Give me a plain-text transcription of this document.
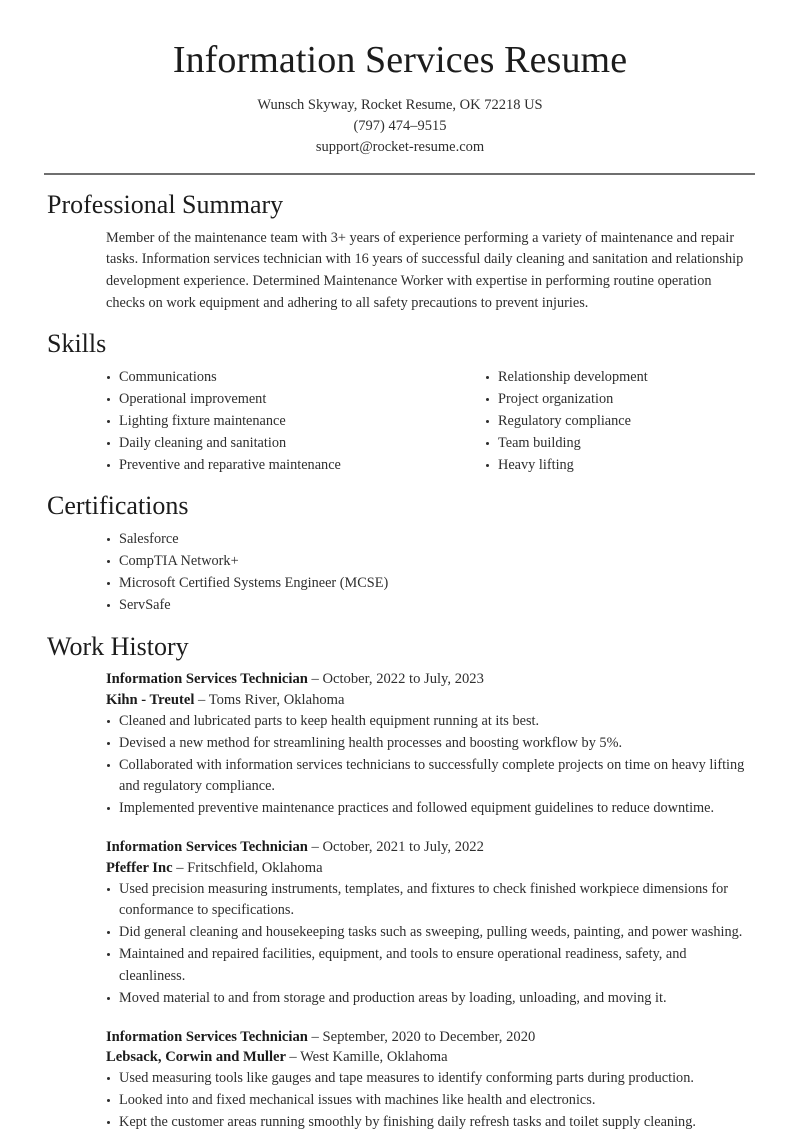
Information Services Resume
Wunsch Skyway, Rocket Resume, OK 72218 US
(797) 474–9515
support@rocket-resume.com
Professional Summary

Member of the maintenance team with 3+ years of experience performing a variety of maintenance and repair tasks. Information services technician with 16 years of successful daily cleaning and sanitation and relationship development experience. Determined Maintenance Worker with expertise in performing routine operation checks on work equipment and adhering to all safety precautions to prevent injuries.

Skills
Communications
Operational improvement
Lighting fixture maintenance
Daily cleaning and sanitation
Preventive and reparative maintenance
Relationship development
Project organization
Regulatory compliance
Team building
Heavy lifting
Certifications
Salesforce
CompTIA Network+
Microsoft Certified Systems Engineer (MCSE)
ServSafe
Work History
Information Services Technician – October, 2022 to July, 2023
Kihn - Treutel – Toms River, Oklahoma
Cleaned and lubricated parts to keep health equipment running at its best.
Devised a new method for streamlining health processes and boosting workflow by 5%.
Collaborated with information services technicians to successfully complete projects on time on heavy lifting and regulatory compliance.
Implemented preventive maintenance practices and followed equipment guidelines to reduce downtime.
Information Services Technician – October, 2021 to July, 2022
Pfeffer Inc – Fritschfield, Oklahoma
Used precision measuring instruments, templates, and fixtures to check finished workpiece dimensions for conformance to specifications.
Did general cleaning and housekeeping tasks such as sweeping, pulling weeds, painting, and power washing.
Maintained and repaired facilities, equipment, and tools to ensure operational readiness, safety, and cleanliness.
Moved material to and from storage and production areas by loading, unloading, and moving it.
Information Services Technician – September, 2020 to December, 2020
Lebsack, Corwin and Muller – West Kamille, Oklahoma
Used measuring tools like gauges and tape measures to identify conforming parts during production.
Looked into and fixed mechanical issues with machines like health and electronics.
Kept the customer areas running smoothly by finishing daily refresh tasks and toilet supply cleaning.
